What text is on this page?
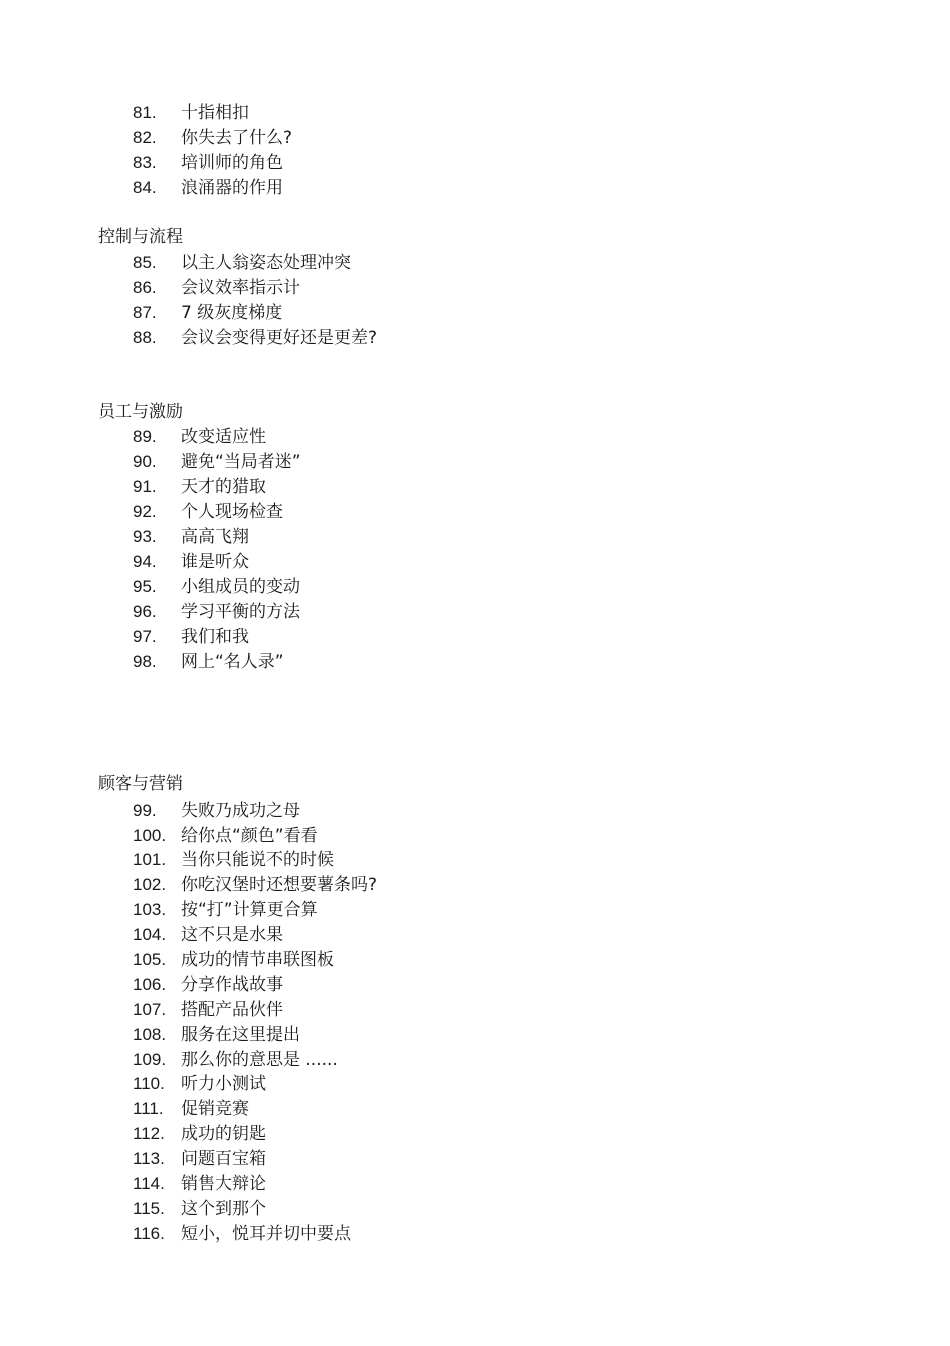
81. 十指相扣
82. 你失去了什么?
83. 培训师的角色
84. 浪涌器的作用
控制与流程
85. 以主人翁姿态处理冲突
86. 会议效率指示计
87. 7 级灰度梯度
88. 会议会变得更好还是更差?
员工与激励
89. 改变适应性
90. 避免“当局者迷”
91. 天才的猎取
92. 个人现场检查
93. 高高飞翔
94. 谁是听众
95. 小组成员的变动
96. 学习平衡的方法
97. 我们和我
98. 网上“名人录”
顾客与营销
99. 失败乃成功之母
100. 给你点“颜色”看看
101. 当你只能说不的时候
102. 你吃汉堡时还想要薯条吗?
103. 按“打”计算更合算
104. 这不只是水果
105. 成功的情节串联图板
106. 分享作战故事
107. 搭配产品伙伴
108. 服务在这里提出
109. 那么你的意思是 ......
110. 听力小测试
111. 促销竞赛
112. 成功的钥匙
113. 问题百宝箱
114. 销售大辩论
115. 这个到那个
116. 短小，悦耳并切中要点
